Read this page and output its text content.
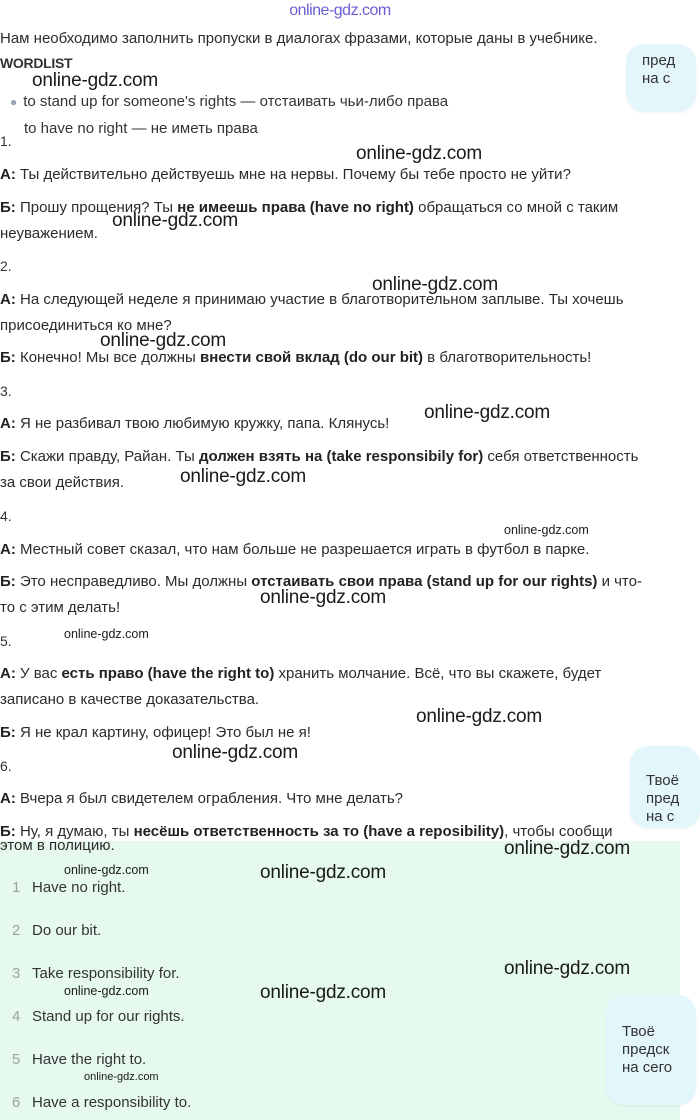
online-gdz.com
Нам необходимо заполнить пропуски в диалогах фразами, которые даны в учебнике.
WORDLIST
● to stand up for someone's rights — отстаивать чьи-либо права
to have no right — не иметь права
пред
на с
1.
А: Ты действительно действуешь мне на нервы. Почему бы тебе просто не уйти?
Б: Прошу прощения? Ты не имеешь права (have no right) обращаться со мной с таким
неуважением.
2.
А: На следующей неделе я принимаю участие в благотворительном заплыве. Ты хочешь
присоединиться ко мне?
Б: Конечно! Мы все должны внести свой вклад (do our bit) в благотворительность!
3.
А: Я не разбивал твою любимую кружку, папа. Клянусь!
Б: Скажи правду, Райан. Ты должен взять на (take responsibily for) себя ответственность
за свои действия.
4.
А: Местный совет сказал, что нам больше не разрешается играть в футбол в парке.
Б: Это несправедливо. Мы должны отстаивать свои права (stand up for our rights) и что-
то с этим делать!
5.
А: У вас есть право (have the right to) хранить молчание. Всё, что вы скажете, будет
записано в качестве доказательства.
Б: Я не крал картину, офицер! Это был не я!
6.
А: Вчера я был свидетелем ограбления. Что мне делать?
Б: Ну, я думаю, ты несёшь ответственность за то (have a reposibility), чтобы сообщи
Твоё
пред
на с
этом в полицию.
1 Have no right.
2 Do our bit.
3 Take responsibility for.
4 Stand up for our rights.
5 Have the right to.
6 Have a responsibility to.
Твоё
предск
на сего
online-gdz.com
online-gdz.com
online-gdz.com
online-gdz.com
online-gdz.com
online-gdz.com
online-gdz.com
online-gdz.com
online-gdz.com
online-gdz.com
online-gdz.com
online-gdz.com
online-gdz.com
online-gdz.com	online-gdz.com
online-gdz.com
online-gdz.com	online-gdz.com
online-gdz.com
